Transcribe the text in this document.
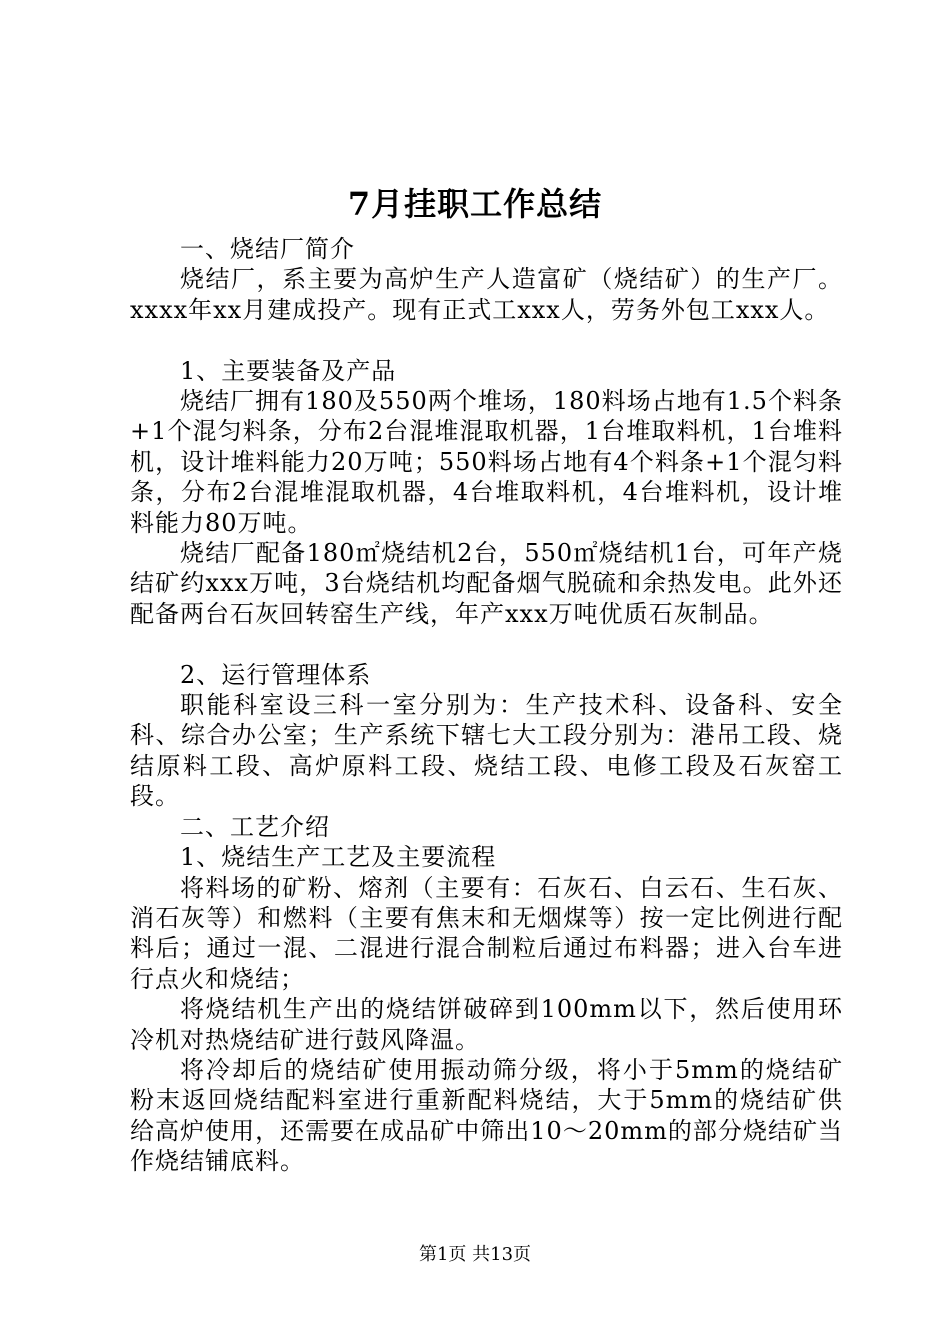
7月挂职工作总结

一、烧结厂简介

烧结厂，系主要为高炉生产人造富矿（烧结矿）的生产厂。xxxx年xx月建成投产。现有正式工xxx人，劳务外包工xxx人。

1、主要装备及产品

烧结厂拥有180及550两个堆场，180料场占地有1.5个料条+1个混匀料条，分布2台混堆混取机器，1台堆取料机，1台堆料机，设计堆料能力20万吨；550料场占地有4个料条+1个混匀料条，分布2台混堆混取机器，4台堆取料机，4台堆料机，设计堆料能力80万吨。

烧结厂配备180㎡烧结机2台，550㎡烧结机1台，可年产烧结矿约xxx万吨，3台烧结机均配备烟气脱硫和余热发电。此外还配备两台石灰回转窑生产线，年产xxx万吨优质石灰制品。

2、运行管理体系

职能科室设三科一室分别为：生产技术科、设备科、安全科、综合办公室；生产系统下辖七大工段分别为：港吊工段、烧结原料工段、高炉原料工段、烧结工段、电修工段及石灰窑工段。

二、工艺介绍

1、烧结生产工艺及主要流程

将料场的矿粉、熔剂（主要有：石灰石、白云石、生石灰、消石灰等）和燃料（主要有焦末和无烟煤等）按一定比例进行配料后；通过一混、二混进行混合制粒后通过布料器；进入台车进行点火和烧结；

将烧结机生产出的烧结饼破碎到100mm以下，然后使用环冷机对热烧结矿进行鼓风降温。

将冷却后的烧结矿使用振动筛分级，将小于5mm的烧结矿粉末返回烧结配料室进行重新配料烧结，大于5mm的烧结矿供给高炉使用，还需要在成品矿中筛出10～20mm的部分烧结矿当作烧结铺底料。

第1页 共13页
